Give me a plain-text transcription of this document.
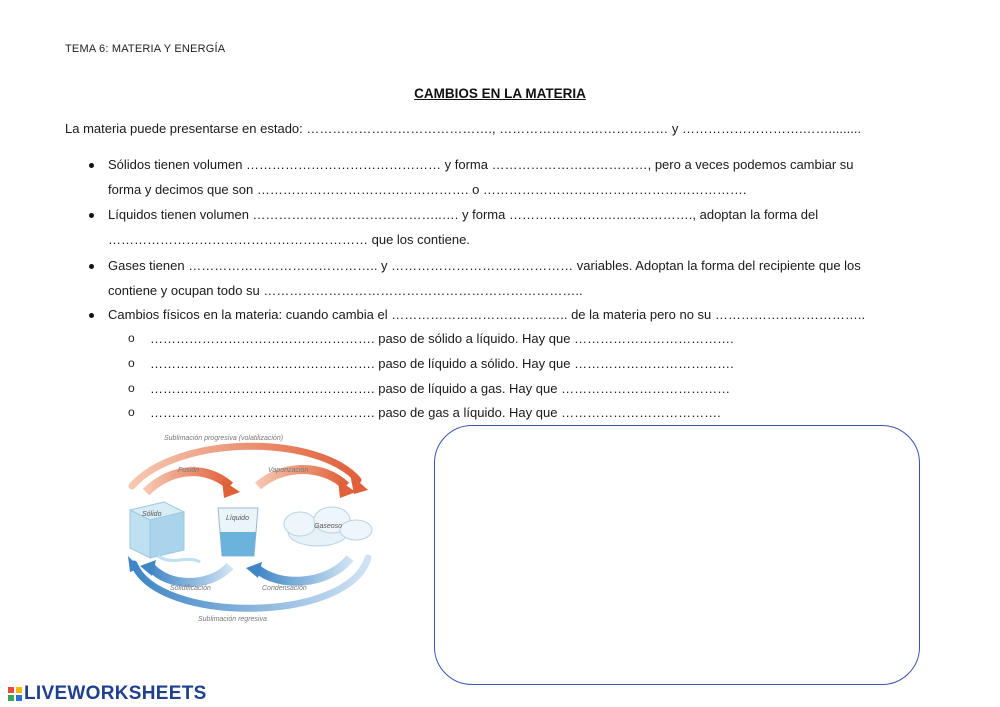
TEMA 6: MATERIA Y ENERGÍA
CAMBIOS EN LA MATERIA
La materia puede presentarse en estado: ……………………………………., ………………………………… y ……………………….…….........
Sólidos tienen volumen ……………………………………… y forma ………………………………, pero a veces podemos cambiar su
forma y decimos que son …………………………………………. o …………………………………………………….
Líquidos tienen volumen ……………………………………..…. y forma ………………….…..……………., adoptan la forma del
…………………………………………………… que los contiene.
Gases tienen …………………………………….. y …………………………………… variables. Adoptan la forma del recipiente que los
contiene y ocupan todo su ………………………………………………………………..
Cambios físicos en la materia: cuando cambia el ………………………………….. de la materia pero no su ……………………………..
o ……………………………………………. paso de sólido a líquido. Hay que ……………………………….
o ……………………………………………. paso de líquido a sólido. Hay que ……………………………….
o ……………………………………………. paso de líquido a gas. Hay que …………………………………
o ……………………………………………. paso de gas a líquido. Hay que ……………………………….
Sublimación progresiva (volatilización)
Fusión	Vaporización
Sólido
Líquido
Gaseoso
Solidificación	Condensación
Sublimación regresiva
LIVEWORKSHEETS
